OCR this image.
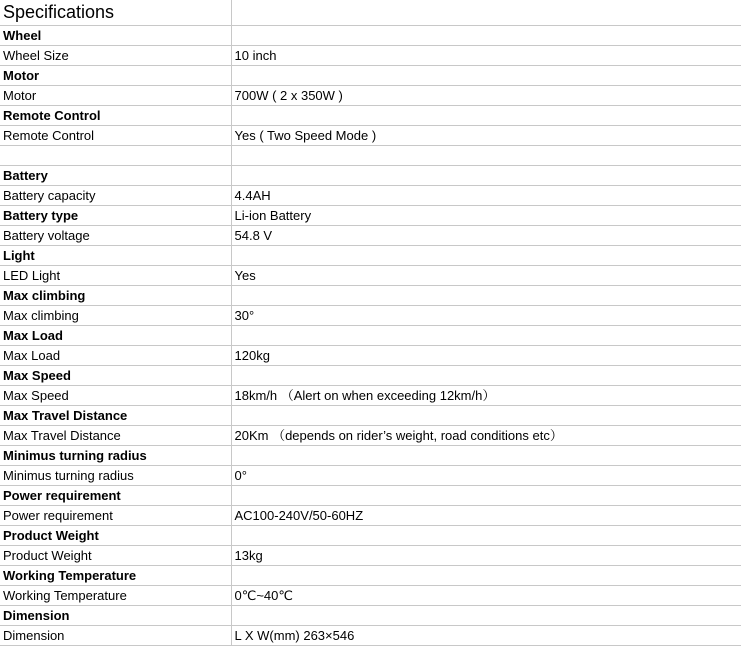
Specifications	
Wheel	
Wheel Size	10 inch
Motor	
Motor	700W ( 2 x 350W )
Remote Control	
Remote Control	Yes ( Two Speed Mode )

Battery	
Battery capacity	4.4AH
Battery type	Li-ion Battery
Battery voltage	54.8 V
Light	
LED Light	Yes
Max climbing	
Max climbing	30°
Max Load	
Max Load	120kg
Max Speed	
Max Speed	18km/h （Alert on when exceeding 12km/h）
Max Travel Distance	
Max Travel Distance	20Km （depends on rider’s weight, road conditions etc）
Minimus turning radius	
Minimus turning radius	0°
Power requirement	
Power requirement	AC100-240V/50-60HZ
Product Weight	
Product Weight	13kg
Working Temperature	
Working Temperature	0℃~40℃
Dimension	
Dimension	L X W(mm) 263×546
